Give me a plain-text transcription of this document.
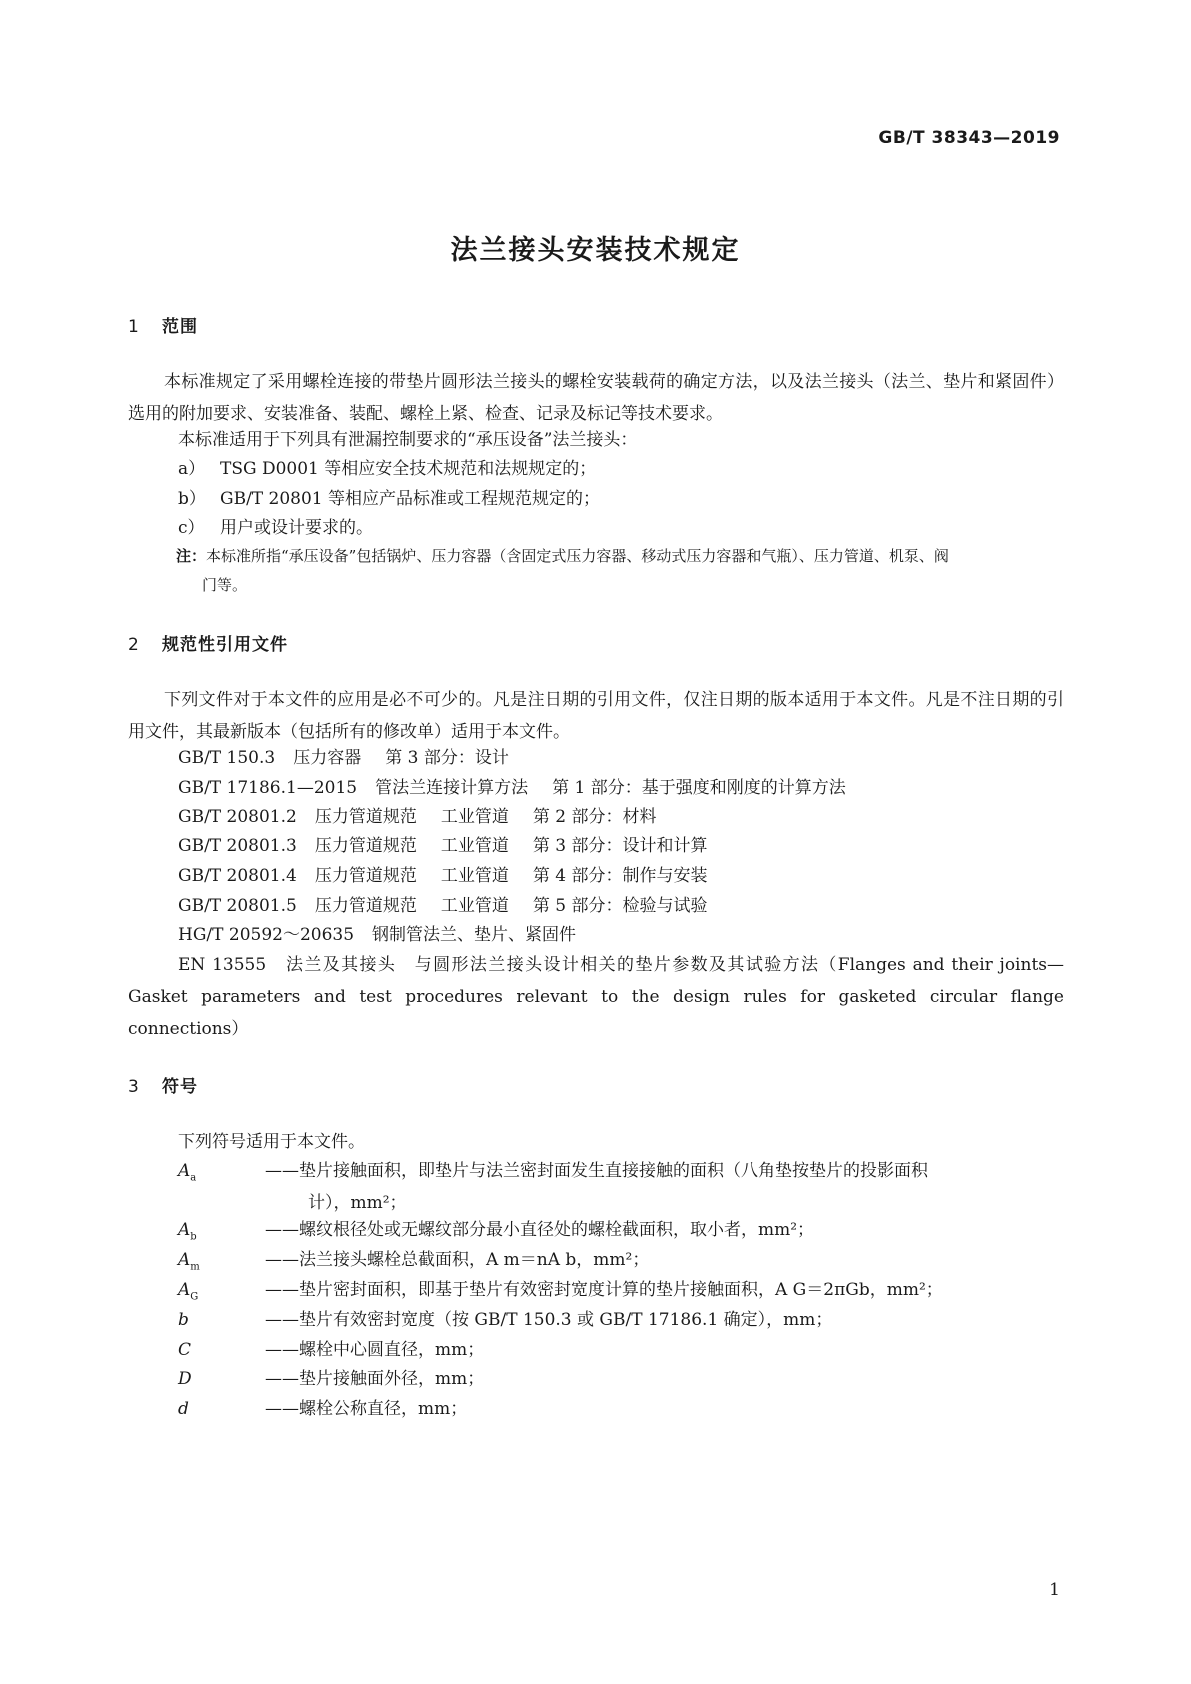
GB/T 38343—2019
法兰接头安装技术规定
1 范围
本标准规定了采用螺栓连接的带垫片圆形法兰接头的螺栓安装载荷的确定方法，以及法兰接头（法兰、垫片和紧固件）选用的附加要求、安装准备、装配、螺栓上紧、检查、记录及标记等技术要求。
本标准适用于下列具有泄漏控制要求的“承压设备”法兰接头：
a） TSG D0001 等相应安全技术规范和法规规定的；
b） GB/T 20801 等相应产品标准或工程规范规定的；
c） 用户或设计要求的。
注：本标准所指“承压设备”包括锅炉、压力容器（含固定式压力容器、移动式压力容器和气瓶）、压力管道、机泵、阀
门等。
2 规范性引用文件
下列文件对于本文件的应用是必不可少的。凡是注日期的引用文件，仅注日期的版本适用于本文件。凡是不注日期的引用文件，其最新版本（包括所有的修改单）适用于本文件。
GB/T 150.3 压力容器 第 3 部分：设计
GB/T 17186.1—2015 管法兰连接计算方法 第 1 部分：基于强度和刚度的计算方法
GB/T 20801.2 压力管道规范 工业管道 第 2 部分：材料
GB/T 20801.3 压力管道规范 工业管道 第 3 部分：设计和计算
GB/T 20801.4 压力管道规范 工业管道 第 4 部分：制作与安装
GB/T 20801.5 压力管道规范 工业管道 第 5 部分：检验与试验
HG/T 20592～20635 钢制管法兰、垫片、紧固件
EN 13555　法兰及其接头　与圆形法兰接头设计相关的垫片参数及其试验方法（Flanges and their joints—Gasket parameters and test procedures relevant to the design rules for gasketed circular flange connections）
3 符号
下列符号适用于本文件。
$A_a$	——垫片接触面积，即垫片与法兰密封面发生直接接触的面积（八角垫按垫片的投影面积
计），mm²；
$A_b$	——螺纹根径处或无螺纹部分最小直径处的螺栓截面积，取小者，mm²；
$A_m$	——法兰接头螺栓总截面积，A m＝nA b，mm²；
$A_G$	——垫片密封面积，即基于垫片有效密封宽度计算的垫片接触面积，A G＝2πGb，mm²；
b	——垫片有效密封宽度（按 GB/T 150.3 或 GB/T 17186.1 确定），mm；
C	——螺栓中心圆直径，mm；
D	——垫片接触面外径，mm；
d	——螺栓公称直径，mm；
1
